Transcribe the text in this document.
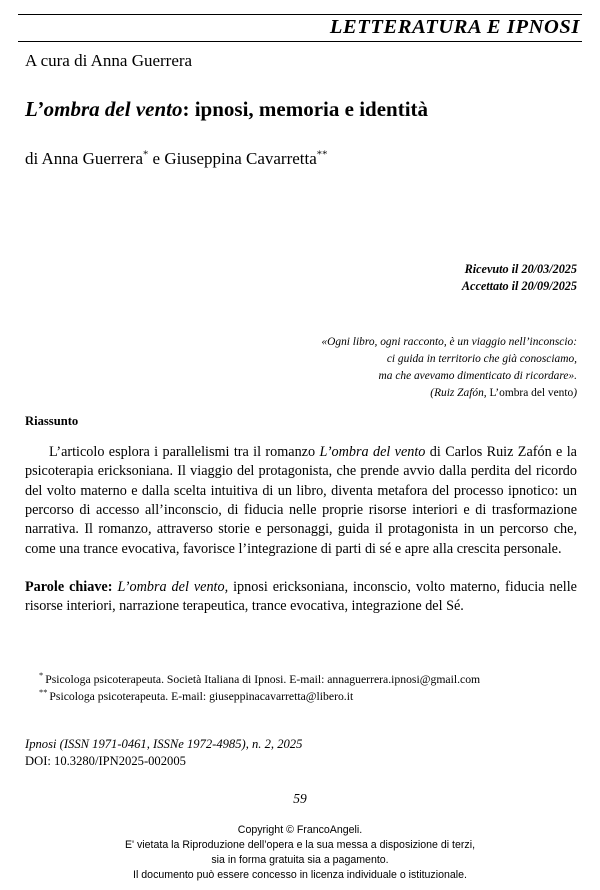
LETTERATURA E IPNOSI
A cura di Anna Guerrera
L’ombra del vento: ipnosi, memoria e identità
di Anna Guerrera* e Giuseppina Cavarretta**
Ricevuto il 20/03/2025
Accettato il 20/09/2025
«Ogni libro, ogni racconto, è un viaggio nell’inconscio:
ci guida in territorio che già conosciamo,
ma che avevamo dimenticato di ricordare».
(Ruiz Zafón, L’ombra del vento)
Riassunto
L’articolo esplora i parallelismi tra il romanzo L’ombra del vento di Carlos Ruiz Zafón e la psicoterapia ericksoniana. Il viaggio del protagonista, che prende avvio dalla perdita del ricordo del volto materno e dalla scelta intuitiva di un libro, diventa metafora del processo ipnotico: un percorso di accesso all’inconscio, di fiducia nelle proprie risorse interiori e di trasformazione narrativa. Il romanzo, attraverso storie e personaggi, guida il protagonista in un percorso che, come una trance evocativa, favorisce l’integrazione di parti di sé e apre alla crescita personale.
Parole chiave: L’ombra del vento, ipnosi ericksoniana, inconscio, volto materno, fiducia nelle risorse interiori, narrazione terapeutica, trance evocativa, integrazione del Sé.

* Psicologa psicoterapeuta. Società Italiana di Ipnosi. E-mail: annaguerrera.ipnosi@gmail.com

** Psicologa psicoterapeuta. E-mail: giuseppinacavarretta@libero.it

Ipnosi (ISSN 1971-0461, ISSNe 1972-4985), n. 2, 2025
DOI: 10.3280/IPN2025-002005
59
Copyright © FrancoAngeli.
E' vietata la Riproduzione dell’opera e la sua messa a disposizione di terzi,
sia in forma gratuita sia a pagamento.
Il documento può essere concesso in licenza individuale o istituzionale.
